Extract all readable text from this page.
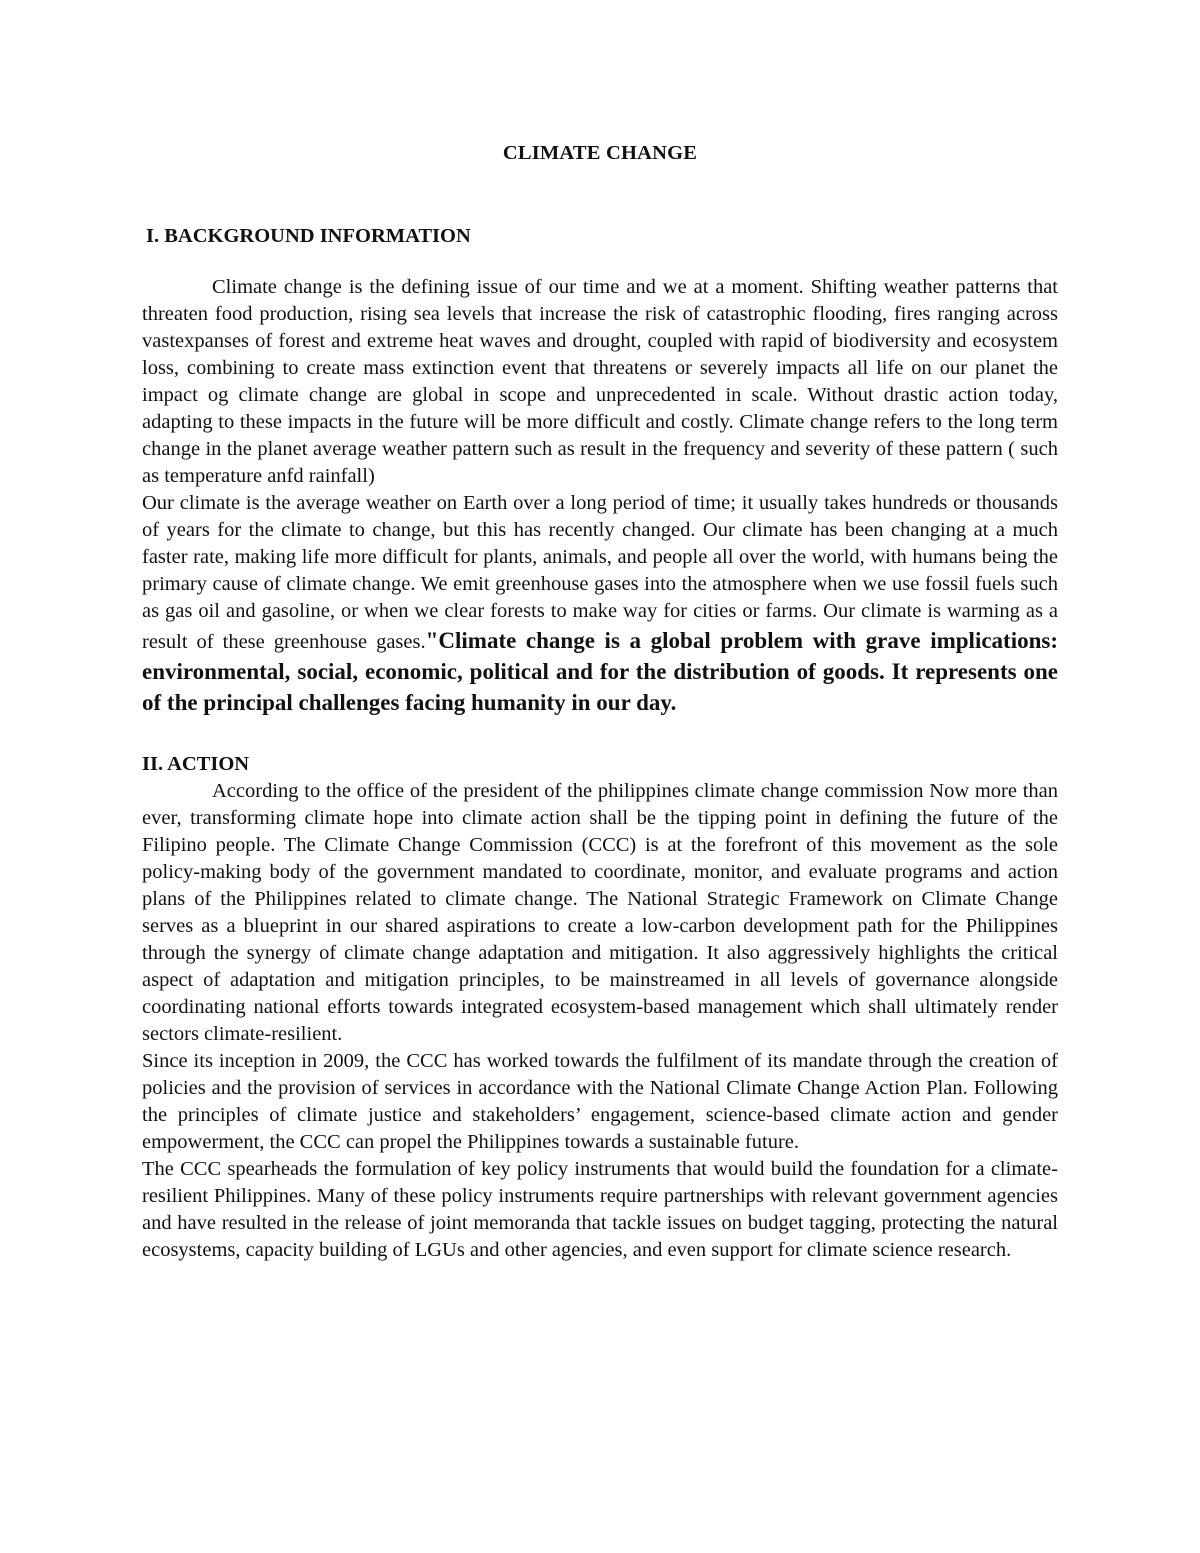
CLIMATE CHANGE
I. BACKGROUND INFORMATION

Climate change is the defining issue of our time and we at a moment. Shifting weather patterns that threaten food production, rising sea levels that increase the risk of catastrophic flooding, fires ranging across vastexpanses of forest and extreme heat waves and drought, coupled with rapid of biodiversity and ecosystem loss, combining to create mass extinction event that threatens or severely impacts all life on our planet the impact og climate change are global in scope and unprecedented in scale. Without drastic action today, adapting to these impacts in the future will be more difficult and costly. Climate change refers to the long term change in the planet average weather pattern such as result in the frequency and severity of these pattern ( such as temperature anfd rainfall)

Our climate is the average weather on Earth over a long period of time; it usually takes hundreds or thousands of years for the climate to change, but this has recently changed. Our climate has been changing at a much faster rate, making life more difficult for plants, animals, and people all over the world, with humans being the primary cause of climate change. We emit greenhouse gases into the atmosphere when we use fossil fuels such as gas oil and gasoline, or when we clear forests to make way for cities or farms. Our climate is warming as a result of these greenhouse gases."Climate change is a global problem with grave implications: environmental, social, economic, political and for the distribution of goods. It represents one of the principal challenges facing humanity in our day.

II. ACTION

According to the office of the president of the philippines climate change commission Now more than ever, transforming climate hope into climate action shall be the tipping point in defining the future of the Filipino people. The Climate Change Commission (CCC) is at the forefront of this movement as the sole policy-making body of the government mandated to coordinate, monitor, and evaluate programs and action plans of the Philippines related to climate change. The National Strategic Framework on Climate Change serves as a blueprint in our shared aspirations to create a low-carbon development path for the Philippines through the synergy of climate change adaptation and mitigation. It also aggressively highlights the critical aspect of adaptation and mitigation principles, to be mainstreamed in all levels of governance alongside coordinating national efforts towards integrated ecosystem-based management which shall ultimately render sectors climate-resilient.

Since its inception in 2009, the CCC has worked towards the fulfilment of its mandate through the creation of policies and the provision of services in accordance with the National Climate Change Action Plan. Following the principles of climate justice and stakeholders’ engagement, science-based climate action and gender empowerment, the CCC can propel the Philippines towards a sustainable future.

The CCC spearheads the formulation of key policy instruments that would build the foundation for a climate-resilient Philippines. Many of these policy instruments require partnerships with relevant government agencies and have resulted in the release of joint memoranda that tackle issues on budget tagging, protecting the natural ecosystems, capacity building of LGUs and other agencies, and even support for climate science research.
